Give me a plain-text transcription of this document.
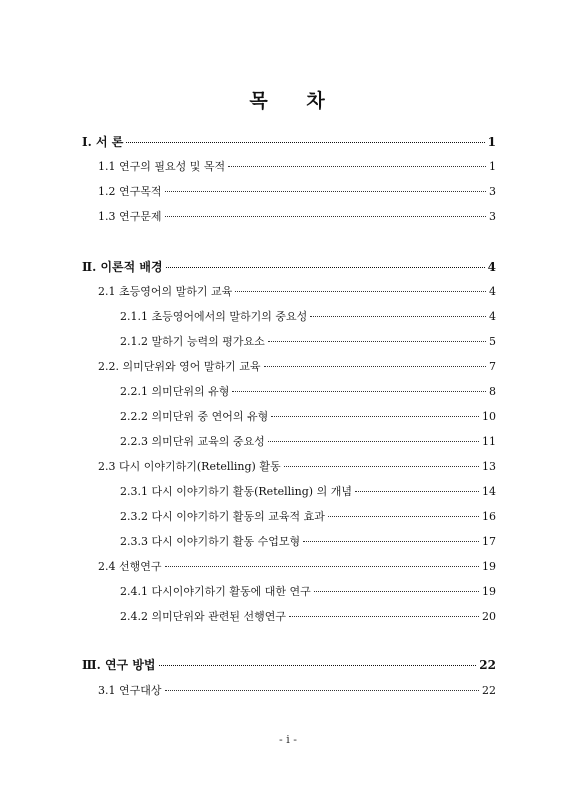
목 차
Ⅰ. 서 론	1
1.1 연구의 필요성 및 목적	1
1.2 연구목적	3
1.3 연구문제	3
Ⅱ. 이론적 배경	4
2.1 초등영어의 말하기 교육	4
2.1.1 초등영어에서의 말하기의 중요성	4
2.1.2 말하기 능력의 평가요소	5
2.2. 의미단위와 영어 말하기 교육	7
2.2.1 의미단위의 유형	8
2.2.2 의미단위 중 연어의 유형	10
2.2.3 의미단위 교육의 중요성	11
2.3 다시 이야기하기(Retelling) 활동	13
2.3.1 다시 이야기하기 활동(Retelling) 의 개념	14
2.3.2 다시 이야기하기 활동의 교육적 효과	16
2.3.3 다시 이야기하기 활동 수업모형	17
2.4 선행연구	19
2.4.1 다시이야기하기 활동에 대한 연구	19
2.4.2 의미단위와 관련된 선행연구	20
Ⅲ. 연구 방법	22
3.1 연구대상	22
- i -
